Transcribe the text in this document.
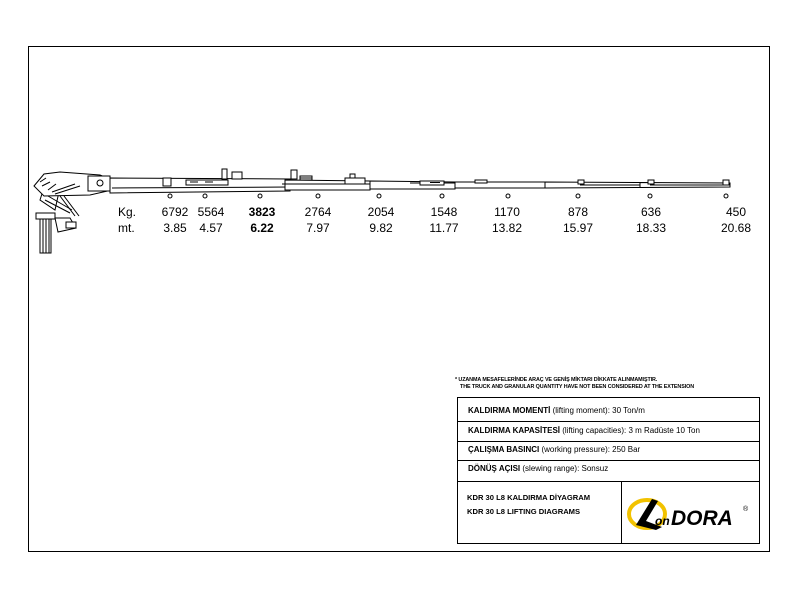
Kg.
mt.
6792
3.85
5564
4.57
3823
6.22
2764
7.97
2054
9.82
1548
11.77
1170
13.82
878
15.97
636
18.33
450
20.68
* UZANMA MESAFELERİNDE ARAÇ VE GENİŞ MİKTARI DİKKATE ALINMAMIŞTIR.
THE TRUCK AND GRANULAR QUANTITY HAVE NOT BEEN CONSIDERED AT THE EXTENSION
KALDIRMA MOMENTİ (lifting moment): 30 Ton/m
KALDIRMA KAPASİTESİ (lifting capacities): 3 m Radüste 10 Ton
ÇALIŞMA BASINCI (working pressure): 250 Bar
DÖNÜŞ AÇISI (slewing range): Sonsuz
KDR 30 L8 KALDIRMA DİYAGRAM
KDR 30 L8 LIFTING DIAGRAMS
on DORA ®
